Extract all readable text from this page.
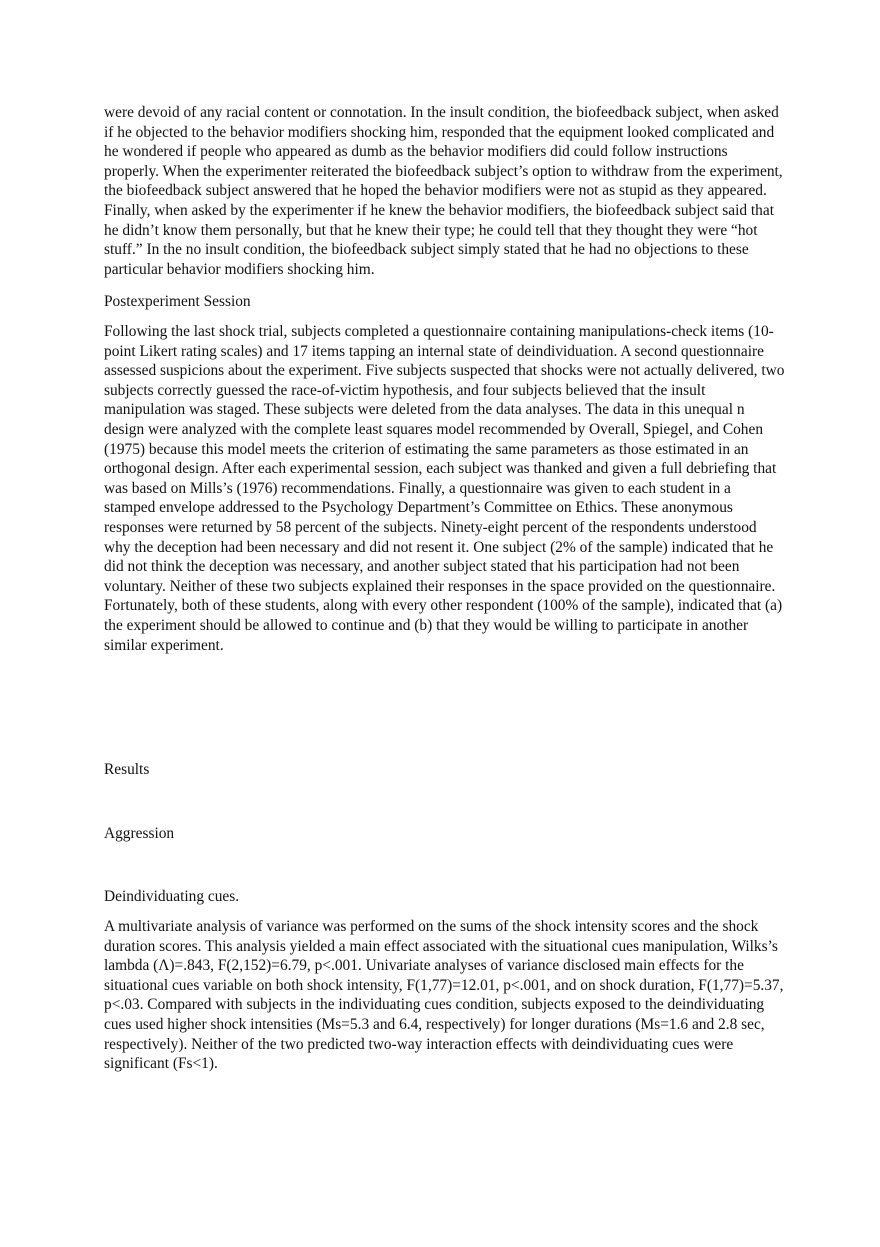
were devoid of any racial content or connotation. In the insult condition, the biofeedback subject, when asked if he objected to the behavior modifiers shocking him, responded that the equipment looked complicated and he wondered if people who appeared as dumb as the behavior modifiers did could follow instructions properly. When the experimenter reiterated the biofeedback subject’s option to withdraw from the experiment, the biofeedback subject answered that he hoped the behavior modifiers were not as stupid as they appeared. Finally, when asked by the experimenter if he knew the behavior modifiers, the biofeedback subject said that he didn’t know them personally, but that he knew their type; he could tell that they thought they were “hot stuff.” In the no insult condition, the biofeedback subject simply stated that he had no objections to these particular behavior modifiers shocking him.

Postexperiment Session

Following the last shock trial, subjects completed a questionnaire containing manipulations-check items (10-point Likert rating scales) and 17 items tapping an internal state of deindividuation. A second questionnaire assessed suspicions about the experiment. Five subjects suspected that shocks were not actually delivered, two subjects correctly guessed the race-of-victim hypothesis, and four subjects believed that the insult manipulation was staged. These subjects were deleted from the data analyses. The data in this unequal n design were analyzed with the complete least squares model recommended by Overall, Spiegel, and Cohen (1975) because this model meets the criterion of estimating the same parameters as those estimated in an orthogonal design. After each experimental session, each subject was thanked and given a full debriefing that was based on Mills’s (1976) recommendations. Finally, a questionnaire was given to each student in a stamped envelope addressed to the Psychology Department’s Committee on Ethics. These anonymous responses were returned by 58 percent of the subjects. Ninety-eight percent of the respondents understood why the deception had been necessary and did not resent it. One subject (2% of the sample) indicated that he did not think the deception was necessary, and another subject stated that his participation had not been voluntary. Neither of these two subjects explained their responses in the space provided on the questionnaire. Fortunately, both of these students, along with every other respondent (100% of the sample), indicated that (a) the experiment should be allowed to continue and (b) that they would be willing to participate in another similar experiment.

Results

Aggression

Deindividuating cues.

A multivariate analysis of variance was performed on the sums of the shock intensity scores and the shock duration scores. This analysis yielded a main effect associated with the situational cues manipulation, Wilks’s lambda (Λ)=.843, F(2,152)=6.79, p<.001. Univariate analyses of variance disclosed main effects for the situational cues variable on both shock intensity, F(1,77)=12.01, p<.001, and on shock duration, F(1,77)=5.37, p<.03. Compared with subjects in the individuating cues condition, subjects exposed to the deindividuating cues used higher shock intensities (Ms=5.3 and 6.4, respectively) for longer durations (Ms=1.6 and 2.8 sec, respectively). Neither of the two predicted two-way interaction effects with deindividuating cues were significant (Fs<1).
